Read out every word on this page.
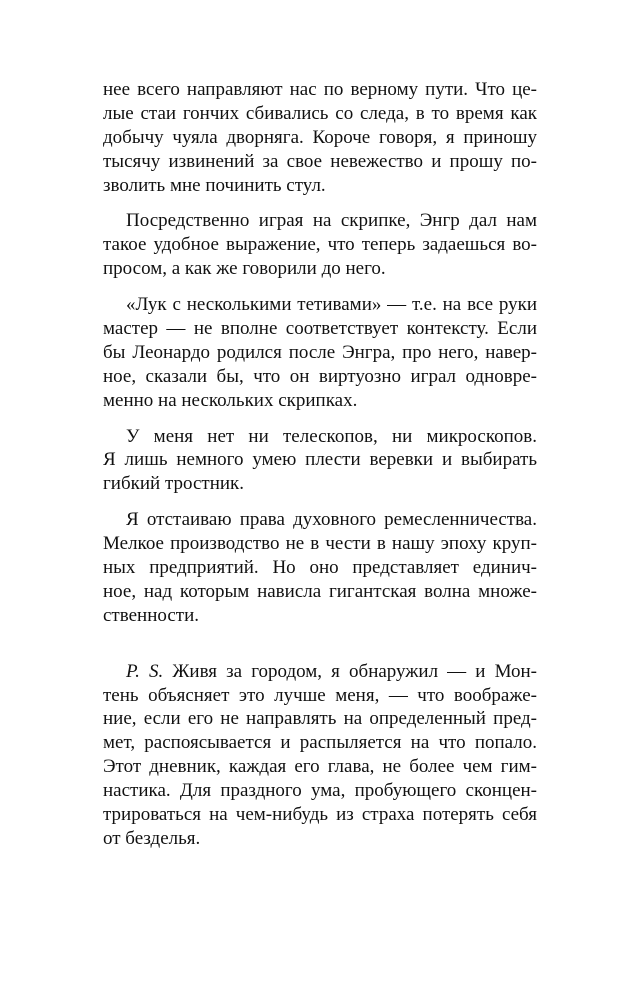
нее всего направляют нас по верному пути. Что це-
лые стаи гончих сбивались со следа, в то время как
добычу чуяла дворняга. Короче говоря, я приношу
тысячу извинений за свое невежество и прошу по-
зволить мне починить стул.

Посредственно играя на скрипке, Энгр дал нам
такое удобное выражение, что теперь задаешься во-
просом, а как же говорили до него.

«Лук с несколькими тетивами» — т.е. на все руки
мастер — не вполне соответствует контексту. Если
бы Леонардо родился после Энгра, про него, навер-
ное, сказали бы, что он виртуозно играл одновре-
менно на нескольких скрипках.

У меня нет ни телескопов, ни микроскопов.
Я лишь немного умею плести веревки и выбирать
гибкий тростник.

Я отстаиваю права духовного ремесленничества.
Мелкое производство не в чести в нашу эпоху круп-
ных предприятий. Но оно представляет единич-
ное, над которым нависла гигантская волна множе-
ственности.

P. S. Живя за городом, я обнаружил — и Мон-
тень объясняет это лучше меня, — что воображе-
ние, если его не направлять на определенный пред-
мет, распоясывается и распыляется на что попало.
Этот дневник, каждая его глава, не более чем гим-
настика. Для праздного ума, пробующего сконцен-
трироваться на чем-нибудь из страха потерять себя
от безделья.
